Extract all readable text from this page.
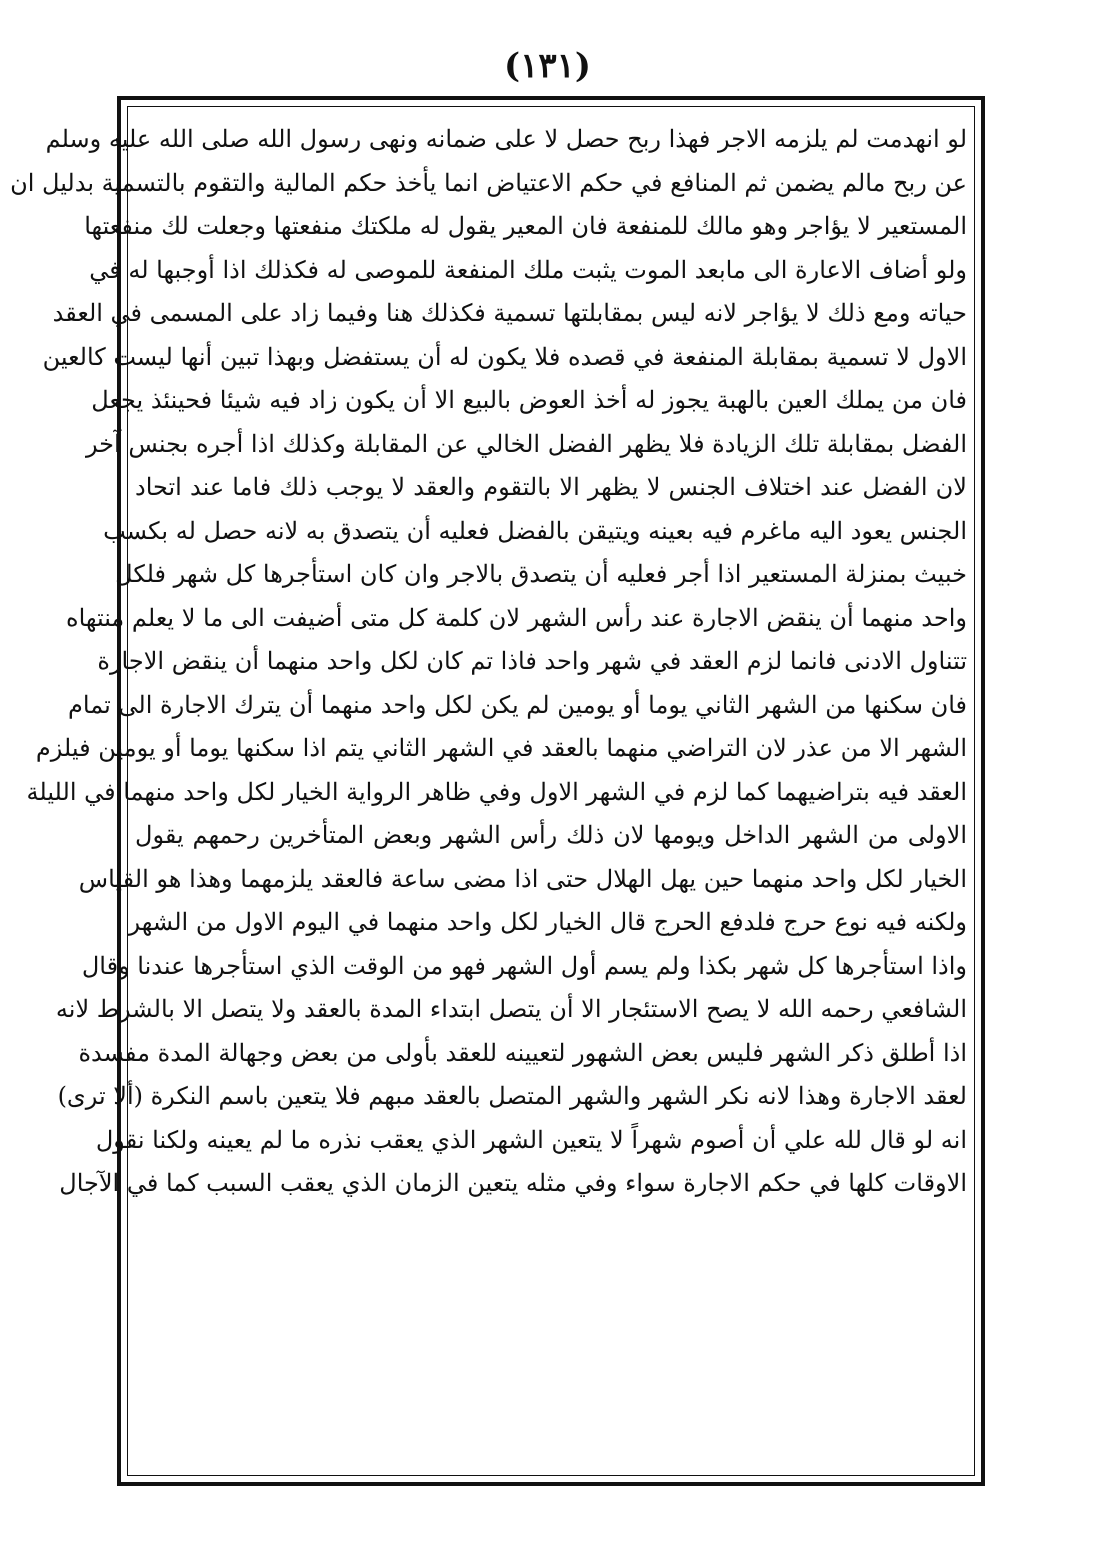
(١٣١)
لو انهدمت لم يلزمه الاجر فهذا ربح حصل لا على ضمانه ونهى رسول الله صلى الله عليه وسلم
عن ربح مالم يضمن ثم المنافع في حكم الاعتياض انما يأخذ حكم المالية والتقوم بالتسمية بدليل ان
المستعير لا يؤاجر وهو مالك للمنفعة فان المعير يقول له ملكتك منفعتها وجعلت لك منفعتها
ولو أضاف الاعارة الى مابعد الموت يثبت ملك المنفعة للموصى له فكذلك اذا أوجبها له في
حياته ومع ذلك لا يؤاجر لانه ليس بمقابلتها تسمية فكذلك هنا وفيما زاد على المسمى في العقد
الاول لا تسمية بمقابلة المنفعة في قصده فلا يكون له أن يستفضل وبهذا تبين أنها ليست كالعين
فان من يملك العين بالهبة يجوز له أخذ العوض بالبيع الا أن يكون زاد فيه شيئا فحينئذ يجعل
الفضل بمقابلة تلك الزيادة فلا يظهر الفضل الخالي عن المقابلة وكذلك اذا أجره بجنس آخر
لان الفضل عند اختلاف الجنس لا يظهر الا بالتقوم والعقد لا يوجب ذلك فاما عند اتحاد
الجنس يعود اليه ماغرم فيه بعينه ويتيقن بالفضل فعليه أن يتصدق به لانه حصل له بكسب
خبيث بمنزلة المستعير اذا أجر فعليه أن يتصدق بالاجر وان كان استأجرها كل شهر فلكل
واحد منهما أن ينقض الاجارة عند رأس الشهر لان كلمة كل متى أضيفت الى ما لا يعلم منتهاه
تتناول الادنى فانما لزم العقد في شهر واحد فاذا تم كان لكل واحد منهما أن ينقض الاجارة
فان سكنها من الشهر الثاني يوما أو يومين لم يكن لكل واحد منهما أن يترك الاجارة الى تمام
الشهر الا من عذر لان التراضي منهما بالعقد في الشهر الثاني يتم اذا سكنها يوما أو يومين فيلزم
العقد فيه بتراضيهما كما لزم في الشهر الاول وفي ظاهر الرواية الخيار لكل واحد منهما في الليلة
الاولى من الشهر الداخل ويومها لان ذلك رأس الشهر وبعض المتأخرين رحمهم يقول
الخيار لكل واحد منهما حين يهل الهلال حتى اذا مضى ساعة فالعقد يلزمهما وهذا هو القياس
ولكنه فيه نوع حرج فلدفع الحرج قال الخيار لكل واحد منهما في اليوم الاول من الشهر
واذا استأجرها كل شهر بكذا ولم يسم أول الشهر فهو من الوقت الذي استأجرها عندنا وقال
الشافعي رحمه الله لا يصح الاستئجار الا أن يتصل ابتداء المدة بالعقد ولا يتصل الا بالشرط لانه
اذا أطلق ذكر الشهر فليس بعض الشهور لتعيينه للعقد بأولى من بعض وجهالة المدة مفسدة
لعقد الاجارة وهذا لانه نكر الشهر والشهر المتصل بالعقد مبهم فلا يتعين باسم النكرة (ألا ترى)
انه لو قال لله علي أن أصوم شهراً لا يتعين الشهر الذي يعقب نذره ما لم يعينه ولكنا نقول
الاوقات كلها في حكم الاجارة سواء وفي مثله يتعين الزمان الذي يعقب السبب كما في الآجال
